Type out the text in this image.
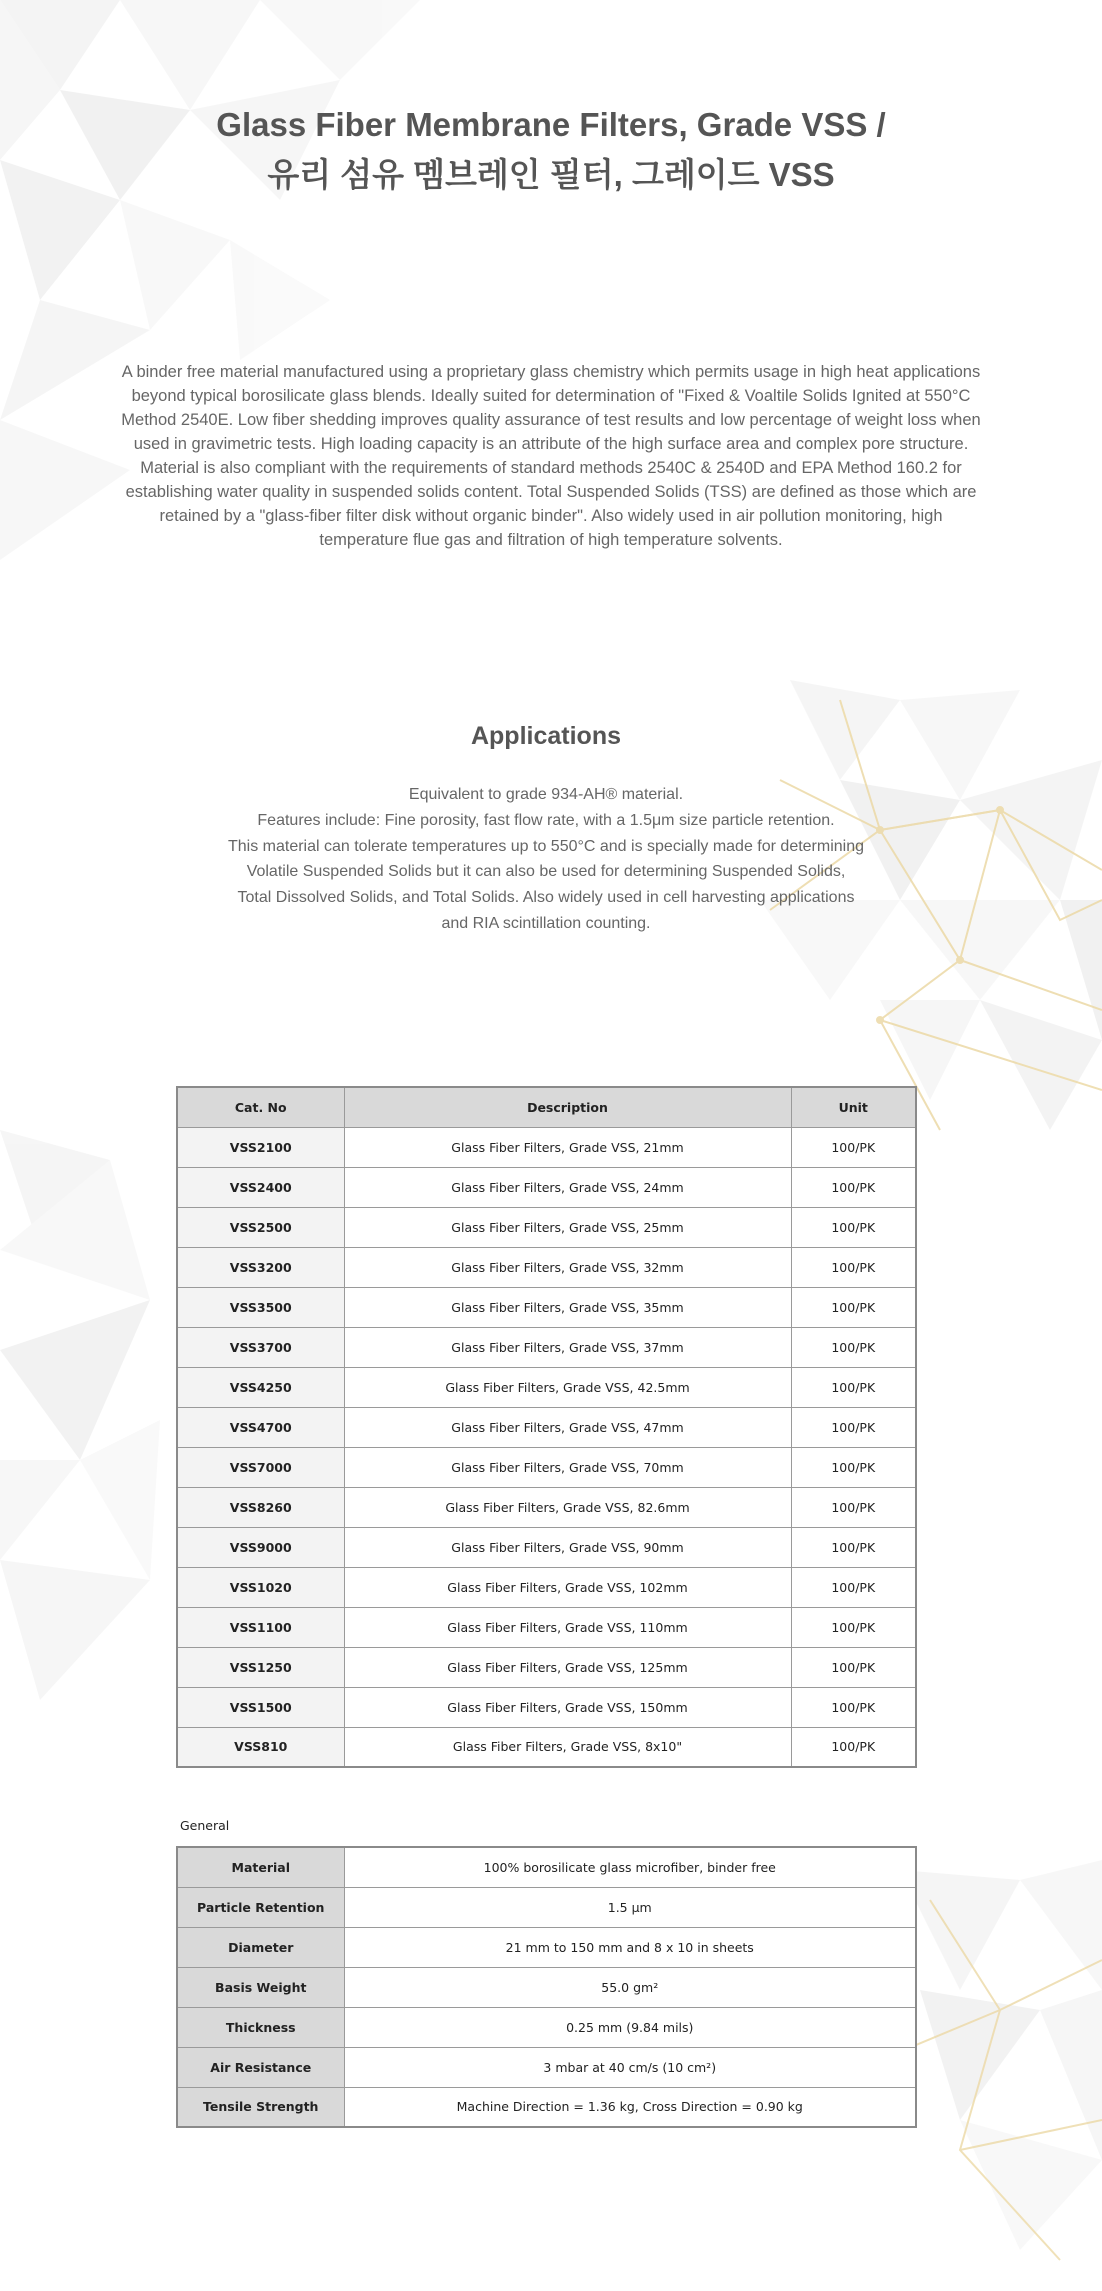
Glass Fiber Membrane Filters, Grade VSS /
유리 섬유 멤브레인 필터, 그레이드 VSS

A binder free material manufactured using a proprietary glass chemistry which permits usage in high heat applications beyond typical borosilicate glass blends. Ideally suited for determination of "Fixed & Voaltile Solids Ignited at 550°C Method 2540E. Low fiber shedding improves quality assurance of test results and low percentage of weight loss when used in gravimetric tests. High loading capacity is an attribute of the high surface area and complex pore structure. Material is also compliant with the requirements of standard methods 2540C & 2540D and EPA Method 160.2 for establishing water quality in suspended solids content. Total Suspended Solids (TSS) are defined as those which are retained by a "glass-fiber filter disk without organic binder". Also widely used in air pollution monitoring, high temperature flue gas and filtration of high temperature solvents.

Applications
Equivalent to grade 934-AH® material.
Features include: Fine porosity, fast flow rate, with a 1.5μm size particle retention.
This material can tolerate temperatures up to 550°C and is specially made for determining
Volatile Suspended Solids but it can also be used for determining Suspended Solids,
Total Dissolved Solids, and Total Solids. Also widely used in cell harvesting applications
and RIA scintillation counting.
Cat. No	Description	Unit
VSS2100	Glass Fiber Filters, Grade VSS, 21mm	100/PK
VSS2400	Glass Fiber Filters, Grade VSS, 24mm	100/PK
VSS2500	Glass Fiber Filters, Grade VSS, 25mm	100/PK
VSS3200	Glass Fiber Filters, Grade VSS, 32mm	100/PK
VSS3500	Glass Fiber Filters, Grade VSS, 35mm	100/PK
VSS3700	Glass Fiber Filters, Grade VSS, 37mm	100/PK
VSS4250	Glass Fiber Filters, Grade VSS, 42.5mm	100/PK
VSS4700	Glass Fiber Filters, Grade VSS, 47mm	100/PK
VSS7000	Glass Fiber Filters, Grade VSS, 70mm	100/PK
VSS8260	Glass Fiber Filters, Grade VSS, 82.6mm	100/PK
VSS9000	Glass Fiber Filters, Grade VSS, 90mm	100/PK
VSS1020	Glass Fiber Filters, Grade VSS, 102mm	100/PK
VSS1100	Glass Fiber Filters, Grade VSS, 110mm	100/PK
VSS1250	Glass Fiber Filters, Grade VSS, 125mm	100/PK
VSS1500	Glass Fiber Filters, Grade VSS, 150mm	100/PK
VSS810	Glass Fiber Filters, Grade VSS, 8x10"	100/PK
General
Material	100% borosilicate glass microfiber, binder free
Particle Retention	1.5 μm
Diameter	21 mm to 150 mm and 8 x 10 in sheets
Basis Weight	55.0 gm²
Thickness	0.25 mm (9.84 mils)
Air Resistance	3 mbar at 40 cm/s (10 cm²)
Tensile Strength	Machine Direction = 1.36 kg, Cross Direction = 0.90 kg
